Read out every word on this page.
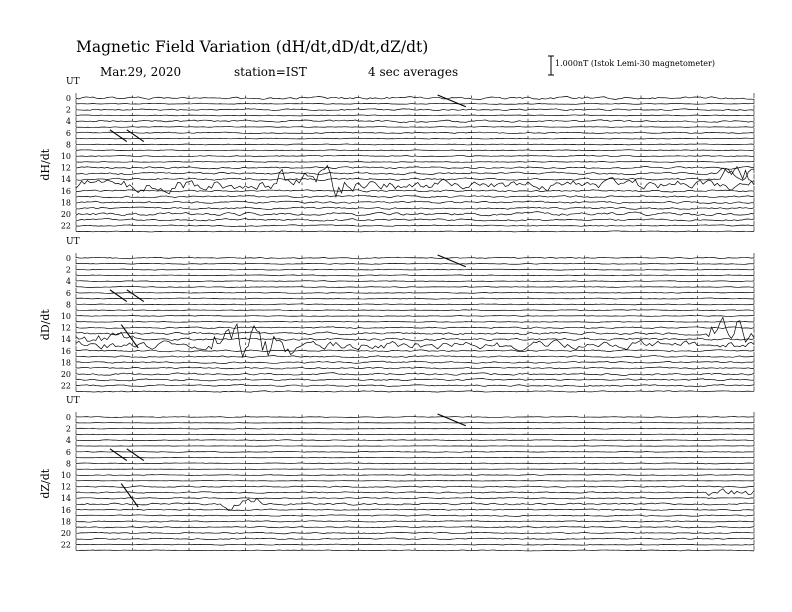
Magnetic Field Variation (dH/dt,dD/dt,dZ/dt)
Mar.29, 2020	station=IST	4 sec averages
1.000nT (Istok Lemi-30 magnetometer)
UT
dH/dt
0
2
4
6
8
10
12
14
16
18
20
22
UT
dD/dt
0
2
4
6
8
10
12
14
16
18
20
22
UT
dZ/dt
0
2
4
6
8
10
12
14
16
18
20
22
